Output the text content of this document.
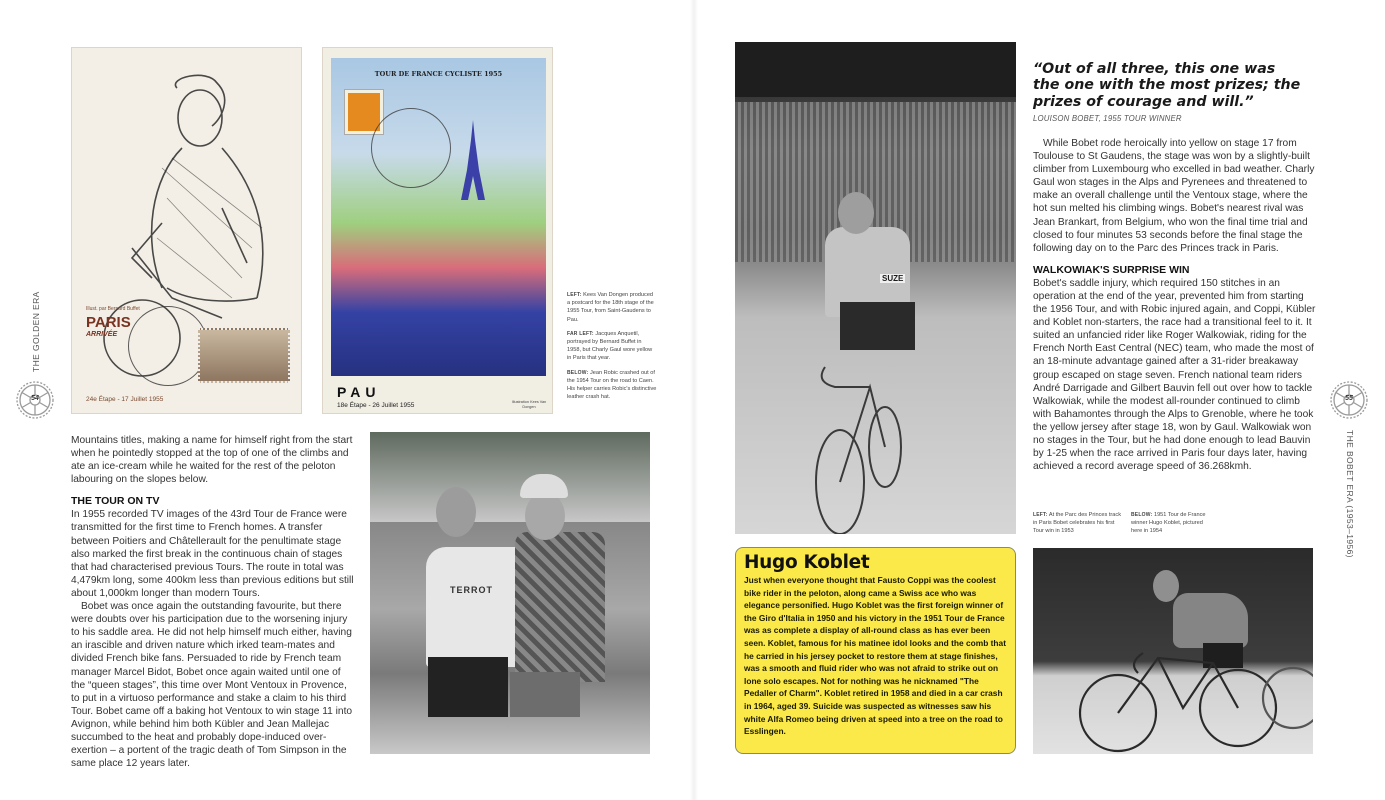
THE GOLDEN ERA
54
Illust. par Bernard Buffet
PARIS
ARRIVÉE
24e Étape - 17 Juillet 1955
TOUR DE FRANCE CYCLISTE 1955
PAU
18e Étape - 26 Juillet 1955	Illustration Kees Van Dongen

LEFT: Kees Van Dongen produced a postcard for the 18th stage of the 1955 Tour, from Saint-Gaudens to Pau.

FAR LEFT: Jacques Anquetil, portrayed by Bernard Buffet in 1958, but Charly Gaul wore yellow in Paris that year.

BELOW: Jean Robic crashed out of the 1954 Tour on the road to Caen. His helper carries Robic's distinctive leather crash hat.

Mountains titles, making a name for himself right from the start when he pointedly stopped at the top of one of the climbs and ate an ice-cream while he waited for the rest of the peloton labouring on the slopes below.

THE TOUR ON TV

In 1955 recorded TV images of the 43rd Tour de France were transmitted for the first time to French homes. A transfer between Poitiers and Châtellerault for the penultimate stage also marked the first break in the continuous chain of stages that had characterised previous Tours. The route in total was 4,479km long, some 400km less than previous editions but still about 1,000km longer than modern Tours.

Bobet was once again the outstanding favourite, but there were doubts over his participation due to the worsening injury to his saddle area. He did not help himself much either, having an irascible and driven nature which irked team-mates and divided French bike fans. Persuaded to ride by French team manager Marcel Bidot, Bobet once again waited until one of the “queen stages”, this time over Mont Ventoux in Provence, to put in a virtuoso performance and stake a claim to his third Tour. Bobet came off a baking hot Ventoux to win stage 11 into Avignon, while behind him both Kübler and Jean Mallejac succumbed to the heat and probably dope-induced over-exertion – a portent of the tragic death of Tom Simpson in the same place 12 years later.

TERROT
SUZE
“Out of all three, this one was the one with the most prizes; the prizes of courage and will.”
LOUISON BOBET, 1955 TOUR WINNER

While Bobet rode heroically into yellow on stage 17 from Toulouse to St Gaudens, the stage was won by a slightly-built climber from Luxembourg who excelled in bad weather. Charly Gaul won stages in the Alps and Pyrenees and threatened to make an overall challenge until the Ventoux stage, where the hot sun melted his climbing wings. Bobet's nearest rival was Jean Brankart, from Belgium, who won the final time trial and closed to four minutes 53 seconds before the final stage the following day on to the Parc des Princes track in Paris.

WALKOWIAK'S SURPRISE WIN

Bobet's saddle injury, which required 150 stitches in an operation at the end of the year, prevented him from starting the 1956 Tour, and with Robic injured again, and Coppi, Kübler and Koblet non-starters, the race had a transitional feel to it. It suited an unfancied rider like Roger Walkowiak, riding for the French North East Central (NEC) team, who made the most of an 18-minute advantage gained after a 31-rider breakaway group escaped on stage seven. French national team riders André Darrigade and Gilbert Bauvin fell out over how to tackle Walkowiak, while the modest all-rounder continued to climb with Bahamontes through the Alps to Grenoble, where he took the yellow jersey after stage 18, won by Gaul. Walkowiak won no stages in the Tour, but he had done enough to lead Bauvin by 1-25 when the race arrived in Paris four days later, having achieved a record average speed of 36.268kmh.

LEFT: At the Parc des Princes track in Paris Bobet celebrates his first Tour win in 1953
BELOW: 1951 Tour de France winner Hugo Koblet, pictured here in 1954
Hugo Koblet
Just when everyone thought that Fausto Coppi was the coolest bike rider in the peloton, along came a Swiss ace who was elegance personified. Hugo Koblet was the first foreign winner of the Giro d'Italia in 1950 and his victory in the 1951 Tour de France was as complete a display of all-round class as has ever been seen. Koblet, famous for his matinee idol looks and the comb that he carried in his jersey pocket to restore them at stage finishes, was a smooth and fluid rider who was not afraid to strike out on lone solo escapes. Not for nothing was he nicknamed "The Pedaller of Charm". Koblet retired in 1958 and died in a car crash in 1964, aged 39. Suicide was suspected as witnesses saw his white Alfa Romeo being driven at speed into a tree on the road to Esslingen.
55
THE BOBET ERA (1953–1956)
